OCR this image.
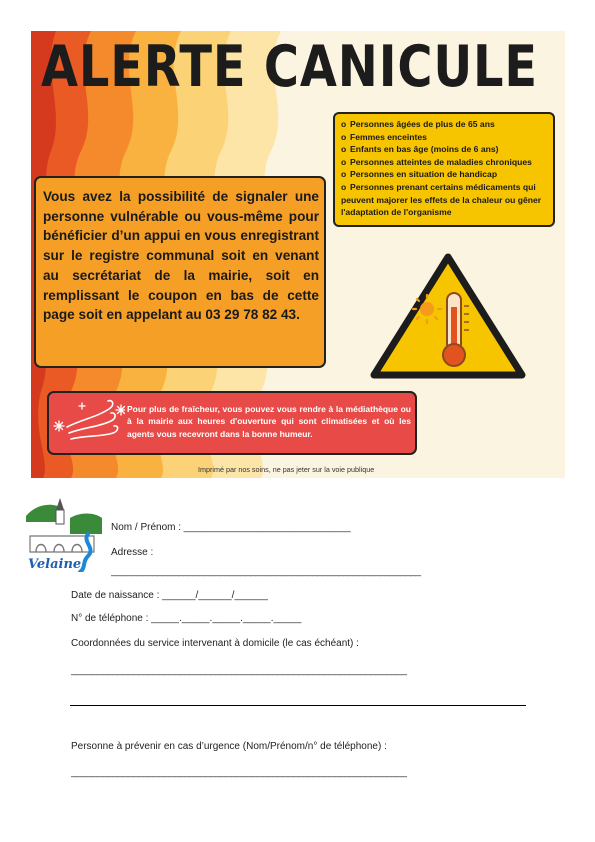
ALERTE CANICULE
o Personnes âgées de plus de 65 ans
o Femmes enceintes
o Enfants en bas âge (moins de 6 ans)
o Personnes atteintes de maladies chroniques
o Personnes en situation de handicap
o Personnes prenant certains médicaments qui peuvent majorer les effets de la chaleur ou gêner l'adaptation de l'organisme
Vous avez la possibilité de signaler une personne vulnérable ou vous-même pour bénéficier d’un appui en vous enregistrant sur le registre communal soit en venant au secrétariat de la mairie, soit en remplissant le coupon en bas de cette page soit en appelant au 03 29 78 82 43.
Pour plus de fraîcheur, vous pouvez vous rendre à la médiathèque ou à la mairie aux heures d'ouverture qui sont climatisées et où les agents vous recevront dans la bonne humeur.
Imprimé par nos soins, ne pas jeter sur la voie publique
Velaine
Nom / Prénom : ______________________________
Adresse :
____________________________________________________________
Date de naissance : ______/______/______
N° de téléphone : _____._____._____._____._____
Coordonnées du service intervenant à domicile (le cas échéant) :
_________________________________________________________________
Personne à prévenir en cas d’urgence (Nom/Prénom/n° de téléphone) :
_________________________________________________________________
